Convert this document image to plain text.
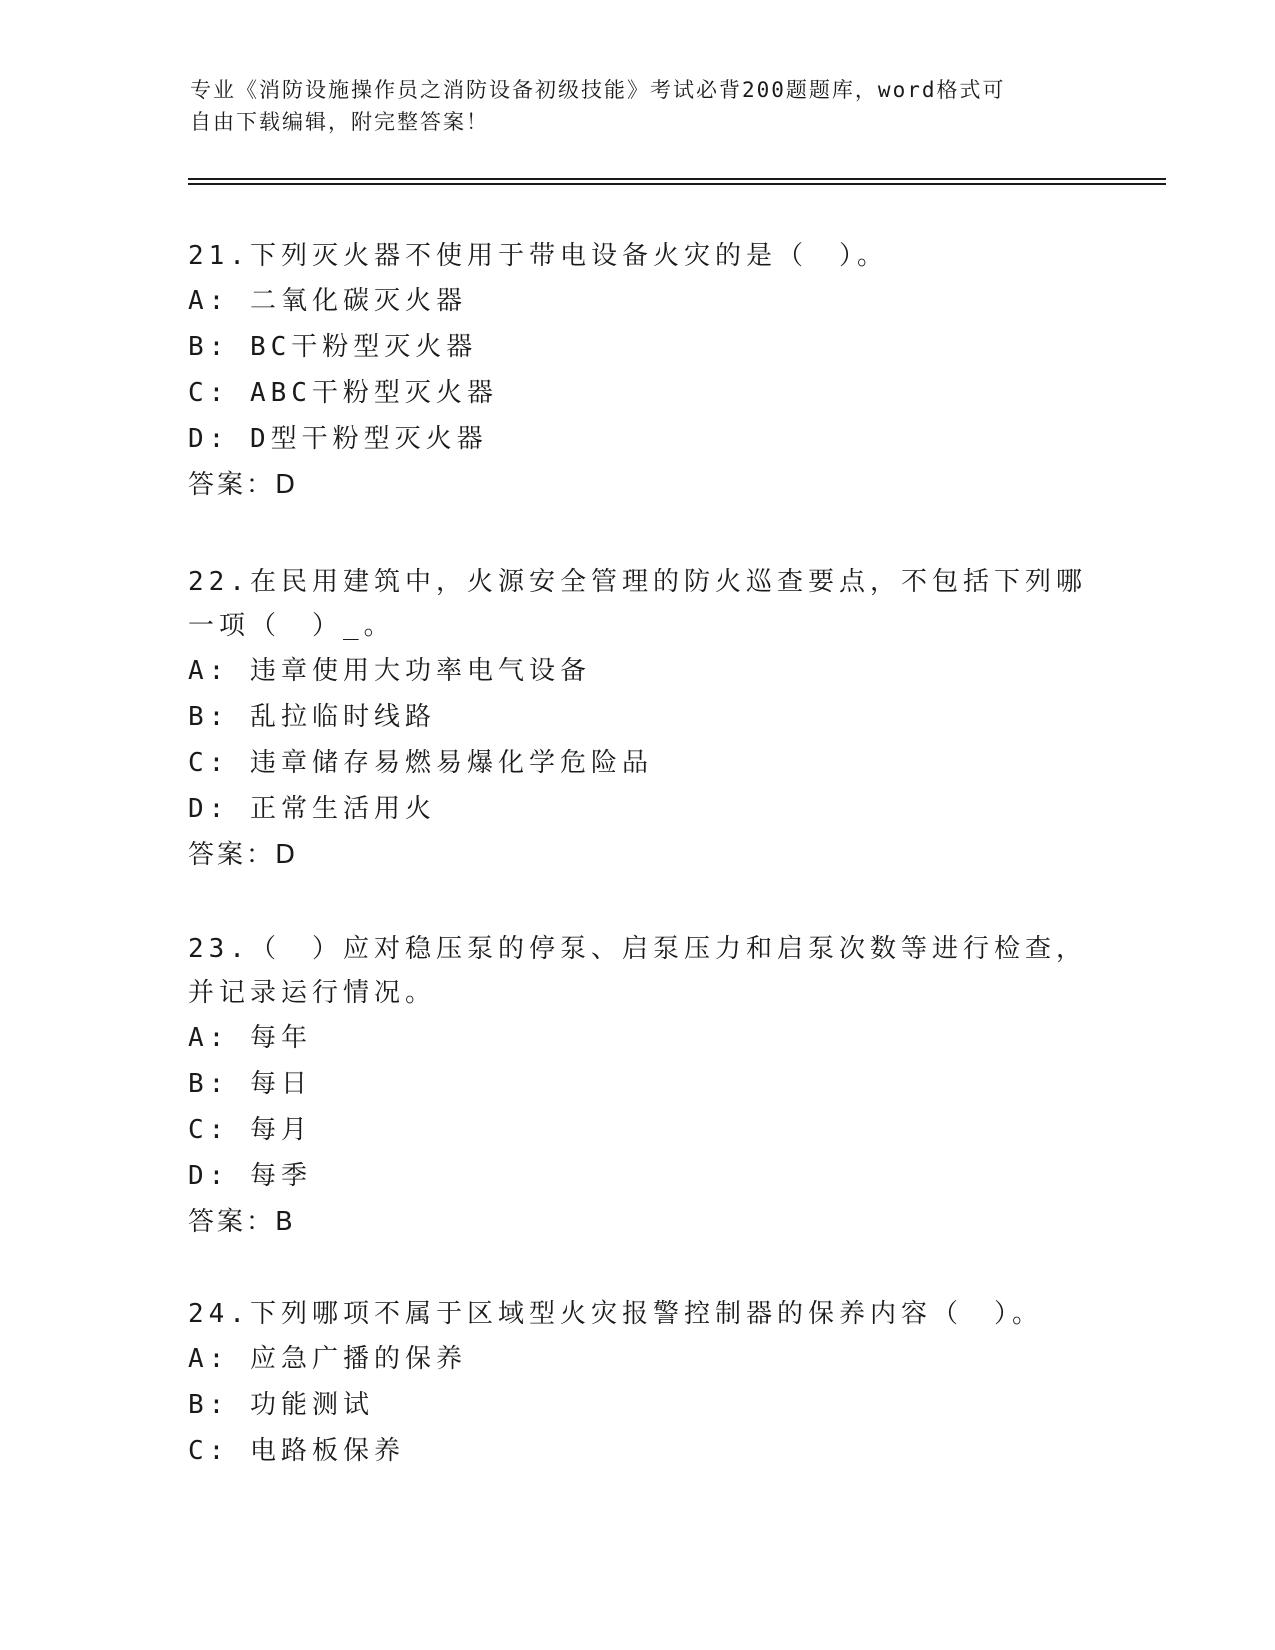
专业《消防设施操作员之消防设备初级技能》考试必背200题题库，word格式可
自由下载编辑，附完整答案！
21.下列灭火器不使用于带电设备火灾的是（　）。
A: 二氧化碳灭火器
B: BC干粉型灭火器
C: ABC干粉型灭火器
D: D型干粉型灭火器
答案：D
22.在民用建筑中，火源安全管理的防火巡查要点，不包括下列哪一项（　）_。
A: 违章使用大功率电气设备
B: 乱拉临时线路
C: 违章储存易燃易爆化学危险品
D: 正常生活用火
答案：D
23.（　）应对稳压泵的停泵、启泵压力和启泵次数等进行检查，并记录运行情况。
A: 每年
B: 每日
C: 每月
D: 每季
答案：B
24.下列哪项不属于区域型火灾报警控制器的保养内容（　）。
A: 应急广播的保养
B: 功能测试
C: 电路板保养
